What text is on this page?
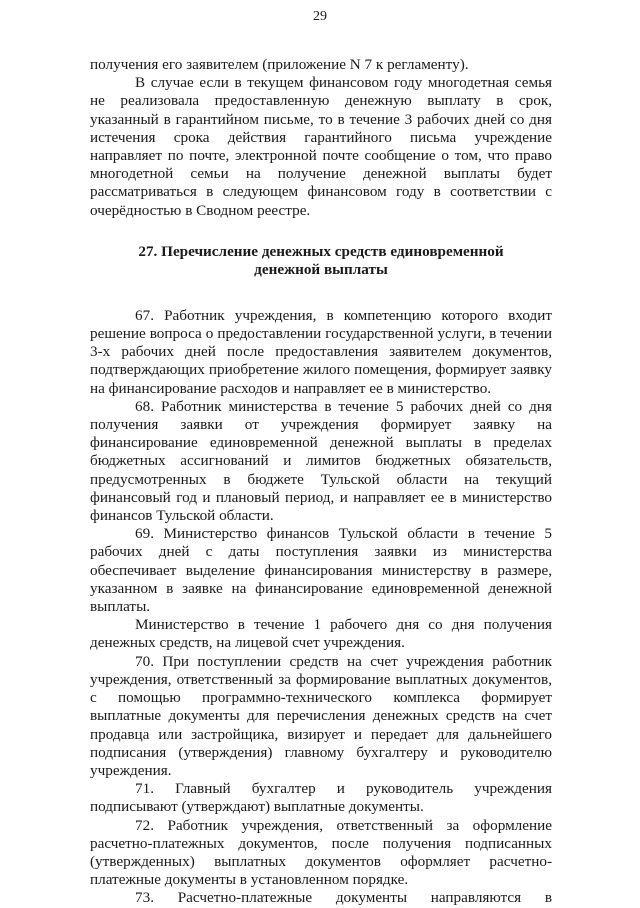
29

получения его заявителем (приложение N 7 к регламенту).

В случае если в текущем финансовом году многодетная семья не реализовала предоставленную денежную выплату в срок, указанный в гарантийном письме, то в течение 3 рабочих дней со дня истечения срока действия гарантийного письма учреждение направляет по почте, электронной почте сообщение о том, что право многодетной семьи на получение денежной выплаты будет рассматриваться в следующем финансовом году в соответствии с очерёдностью в Сводном реестре.

27. Перечисление денежных средств единовременной денежной выплаты

67. Работник учреждения, в компетенцию которого входит решение вопроса о предоставлении государственной услуги, в течении 3-х рабочих дней после предоставления заявителем документов, подтверждающих приобретение жилого помещения, формирует заявку на финансирование расходов и направляет ее в министерство.

68. Работник министерства в течение 5 рабочих дней со дня получения заявки от учреждения формирует заявку на финансирование единовременной денежной выплаты в пределах бюджетных ассигнований и лимитов бюджетных обязательств, предусмотренных в бюджете Тульской области на текущий финансовый год и плановый период, и направляет ее в министерство финансов Тульской области.

69. Министерство финансов Тульской области в течение 5 рабочих дней с даты поступления заявки из министерства обеспечивает выделение финансирования министерству в размере, указанном в заявке на финансирование единовременной денежной выплаты.

Министерство в течение 1 рабочего дня со дня получения денежных средств, на лицевой счет учреждения.

70. При поступлении средств на счет учреждения работник учреждения, ответственный за формирование выплатных документов, с помощью программно-технического комплекса формирует выплатные документы для перечисления денежных средств на счет продавца или застройщика, визирует и передает для дальнейшего подписания (утверждения) главному бухгалтеру и руководителю учреждения.

71. Главный бухгалтер и руководитель учреждения подписывают (утверждают) выплатные документы.

72. Работник учреждения, ответственный за оформление расчетно-платежных документов, после получения подписанных (утвержденных) выплатных документов оформляет расчетно-платежные документы в установленном порядке.

73. Расчетно-платежные документы направляются в
